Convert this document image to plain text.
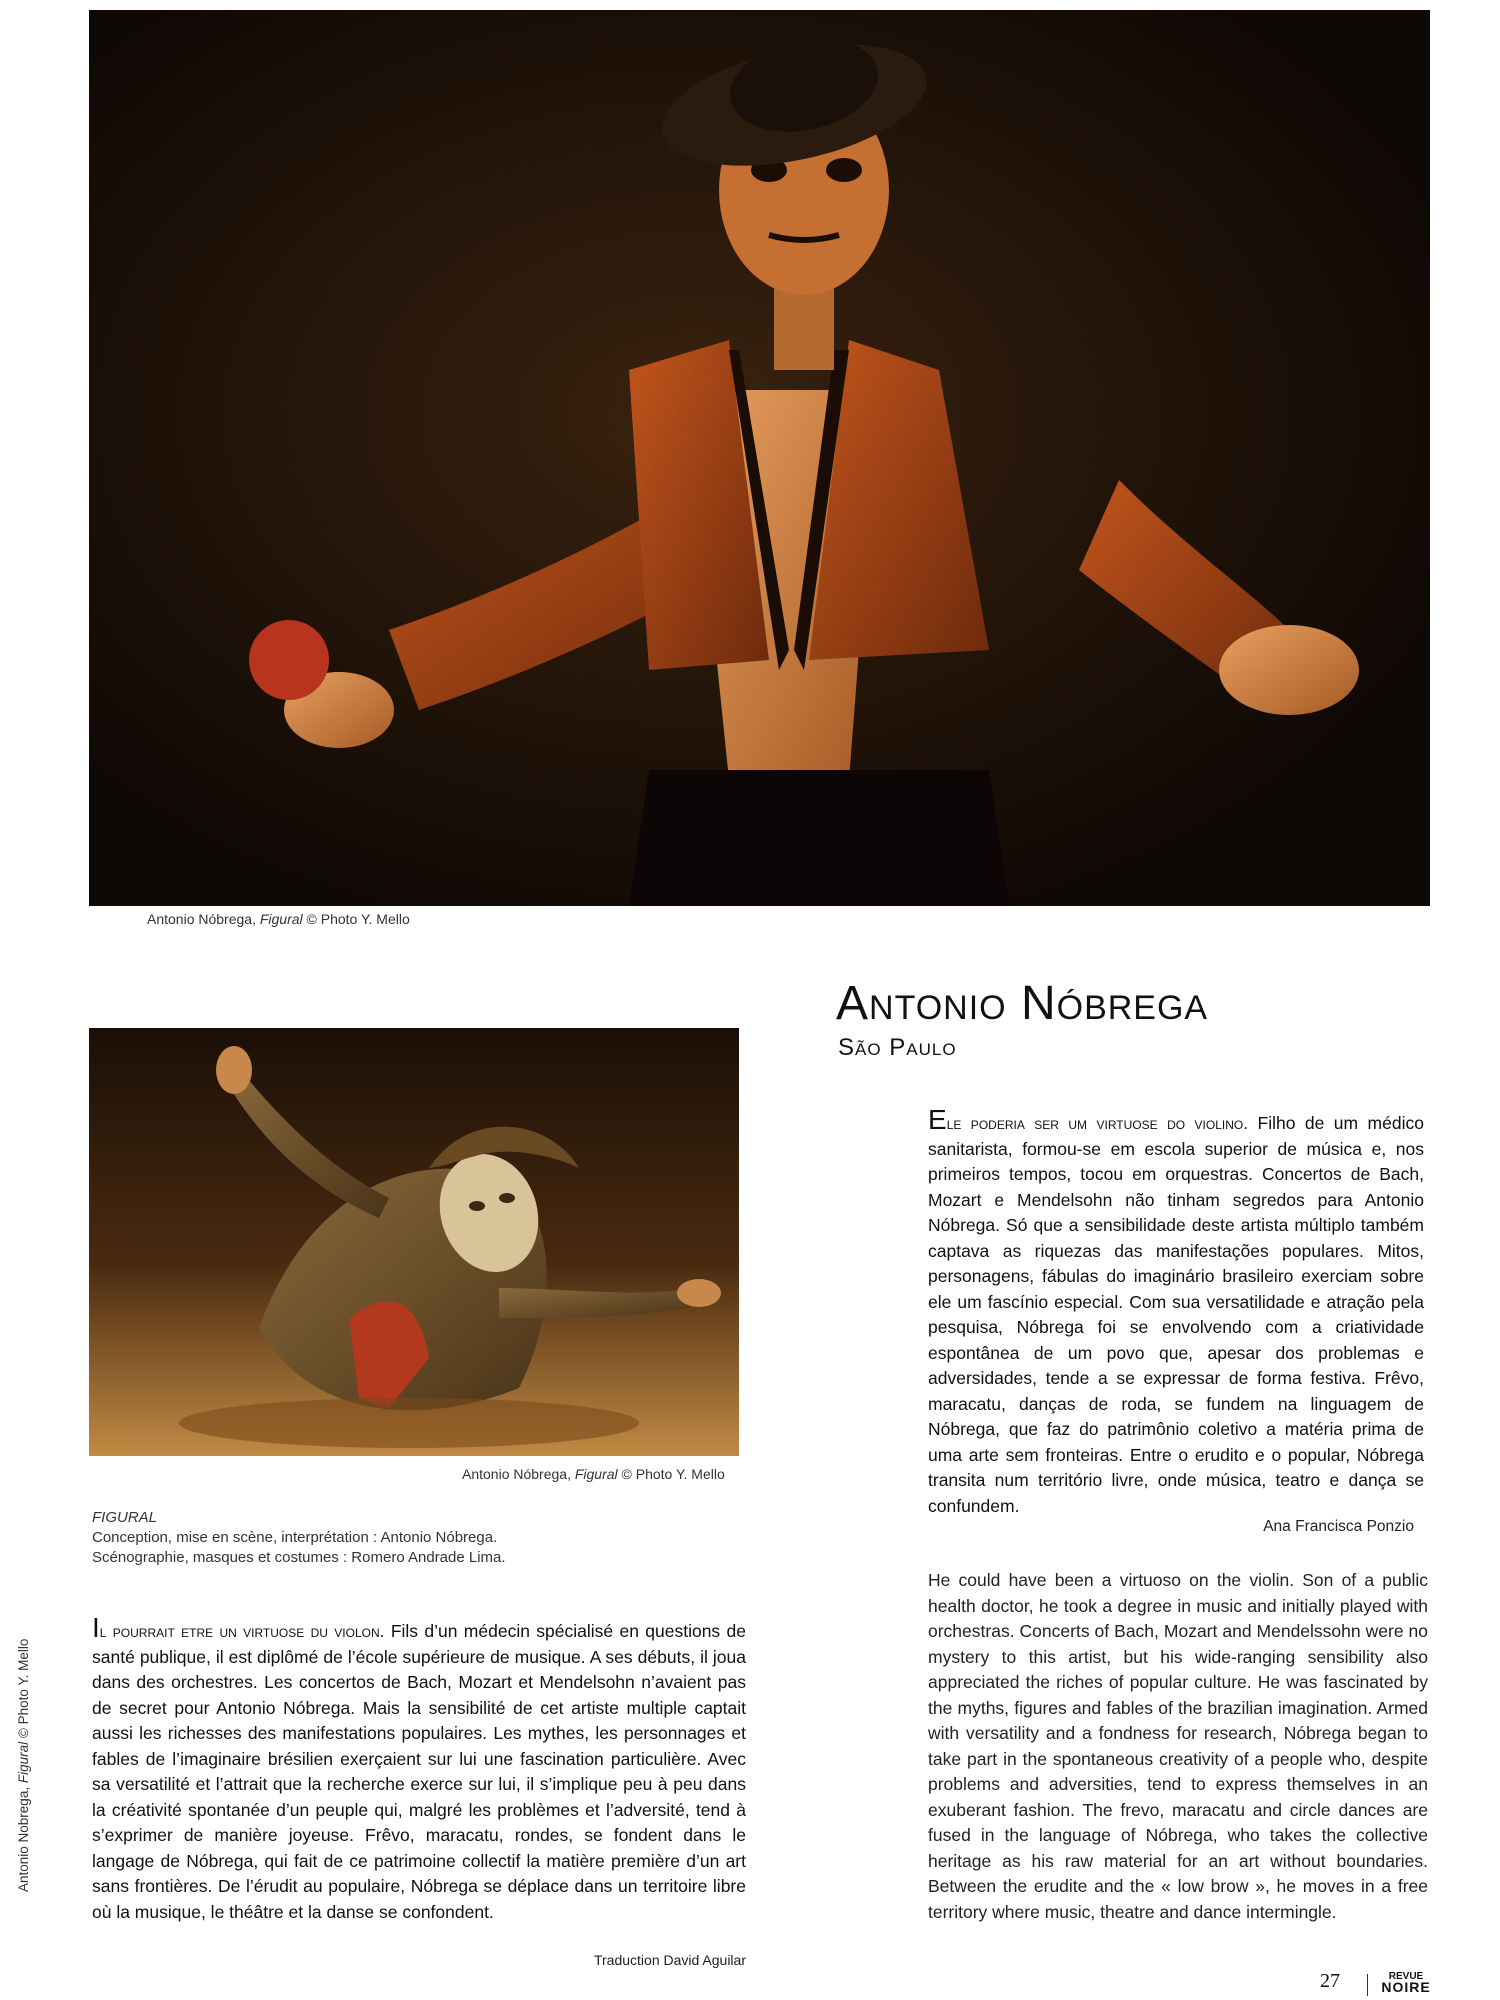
Antonio Nóbrega, Figural © Photo Y. Mello
Antonio Nóbrega, Figural © Photo Y. Mello
Antonio Nóbrega
São Paulo
FIGURAL
Conception, mise en scène, interprétation : Antonio Nóbrega.
Scénographie, masques et costumes : Romero Andrade Lima.
Il pourrait etre un virtuose du violon. Fils d’un médecin spécialisé en questions de santé publique, il est diplômé de l’école supérieure de musique. A ses débuts, il joua dans des orchestres. Les concertos de Bach, Mozart et Mendelsohn n’avaient pas de secret pour Antonio Nóbrega. Mais la sensibilité de cet artiste multiple captait aussi les richesses des manifestations populaires. Les mythes, les personnages et fables de l’imaginaire brésilien exerçaient sur lui une fascination particulière. Avec sa versatilité et l’attrait que la recherche exerce sur lui, il s’implique peu à peu dans la créativité spontanée d’un peuple qui, malgré les problèmes et l’adversité, tend à s’exprimer de manière joyeuse. Frêvo, maracatu, rondes, se fondent dans le langage de Nóbrega, qui fait de ce patrimoine collectif la matière première d’un art sans frontières. De l’érudit au populaire, Nóbrega se déplace dans un territoire libre où la musique, le théâtre et la danse se confondent.
Traduction David Aguilar
Ele poderia ser um virtuose do violino. Filho de um médico sanitarista, formou-se em escola superior de música e, nos primeiros tempos, tocou em orquestras. Concertos de Bach, Mozart e Mendelsohn não tinham segredos para Antonio Nóbrega. Só que a sensibilidade deste artista múltiplo também captava as riquezas das manifestações populares. Mitos, personagens, fábulas do imaginário brasileiro exerciam sobre ele um fascínio especial. Com sua versatilidade e atração pela pesquisa, Nóbrega foi se envolvendo com a criatividade espontânea de um povo que, apesar dos problemas e adversidades, tende a se expressar de forma festiva. Frêvo, maracatu, danças de roda, se fundem na linguagem de Nóbrega, que faz do patrimônio coletivo a matéria prima de uma arte sem fronteiras. Entre o erudito e o popular, Nóbrega transita num território livre, onde música, teatro e dança se confundem.
Ana Francisca Ponzio
He could have been a virtuoso on the violin. Son of a public health doctor, he took a degree in music and initially played with orchestras. Concerts of Bach, Mozart and Mendelssohn were no mystery to this artist, but his wide-ranging sensibility also appreciated the riches of popular culture. He was fascinated by the myths, figures and fables of the brazilian imagination. Armed with versatility and a fondness for research, Nóbrega began to take part in the spontaneous creativity of a people who, despite problems and adversities, tend to express themselves in an exuberant fashion. The frevo, maracatu and circle dances are fused in the language of Nóbrega, who takes the collective heritage as his raw material for an art without boundaries. Between the erudite and the « low brow », he moves in a free territory where music, theatre and dance intermingle.
Antonio Nobrega, Figural © Photo Y. Mello
27	REVUE
NOIRE
